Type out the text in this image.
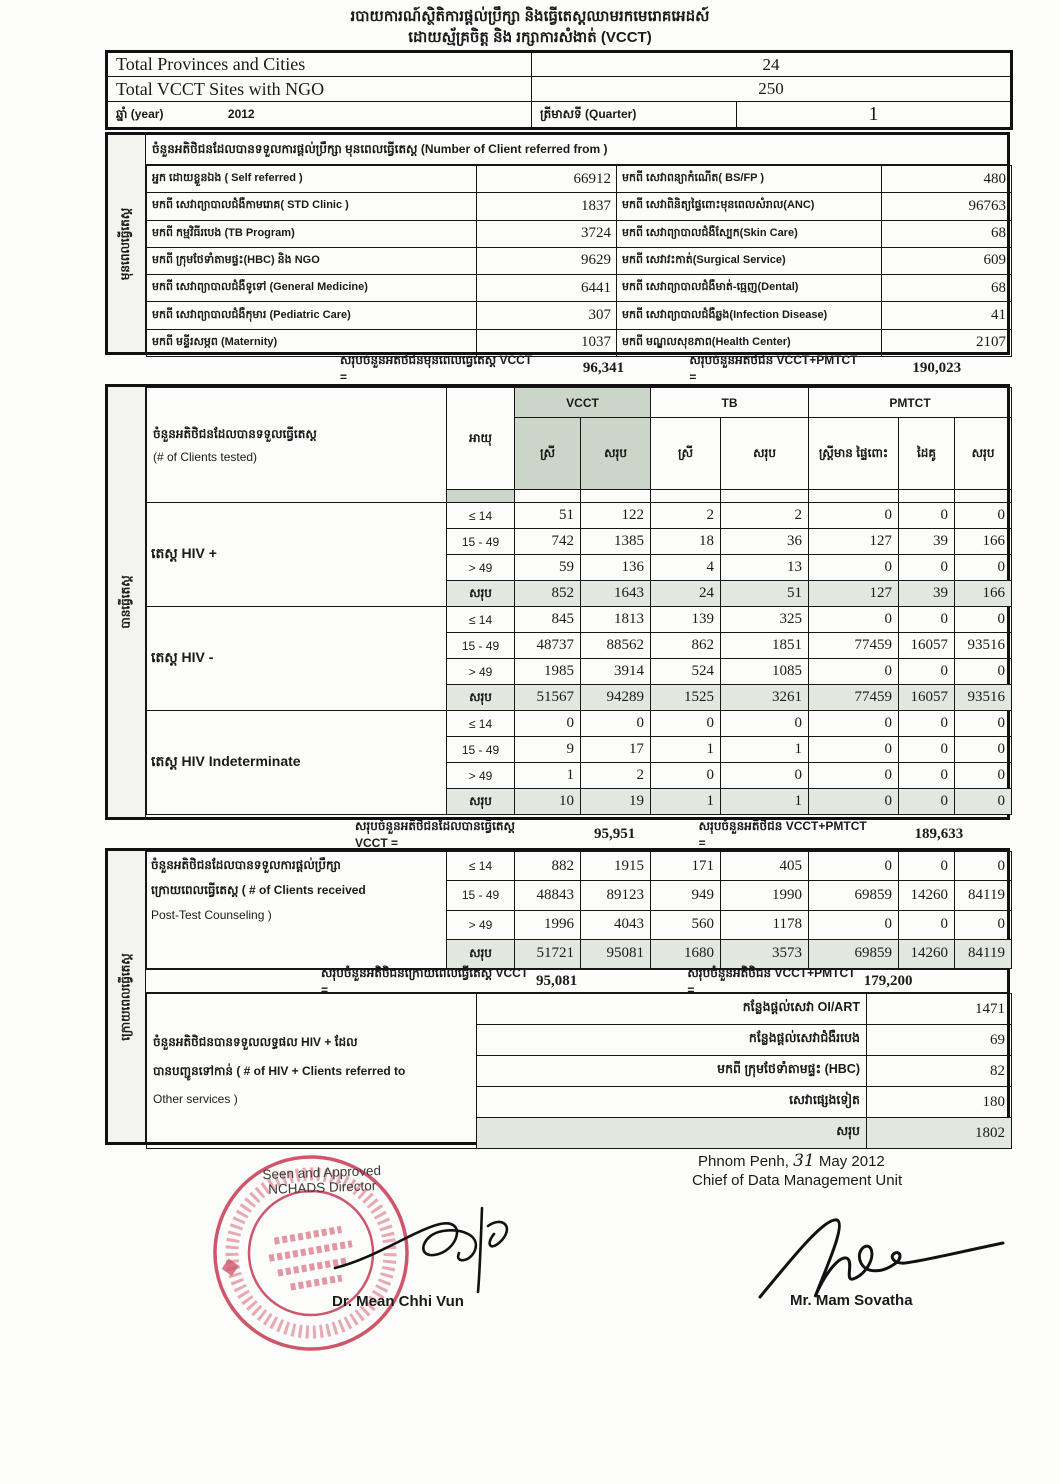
របាយការណ៍ស្ថិតិការផ្តល់ប្រឹក្សា និងធ្វើតេស្តឈាមរកមេរោគអេដស៍
ដោយស្ម័គ្រចិត្ត និង រក្សាការសំងាត់ (VCCT)
Total Provinces and Cities	24	
Total VCCT Sites with NGO	250	
ឆ្នាំ (year) 2012	ត្រីមាសទី (Quarter)	1
មុនពេលធ្វើតេស្ត
ចំនួនអតិថិជនដែលបានទទួលការផ្តល់ប្រឹក្សា មុនពេលធ្វើតេស្ត (Number of Client referred from )
អ្នក ដោយខ្លួនឯង ( Self referred )	66912	មកពី សេវាពន្យាកំណើត( BS/FP )	480
មកពី សេវាព្យាបាលជំងឺកាមរោគ( STD Clinic )	1837	មកពី សេវាពិនិត្យផ្ទៃពោះមុនពេលសំរាល(ANC)	96763
មកពី កម្មវិធីរបេង (TB Program)	3724	មកពី សេវាព្យាបាលជំងឺស្បែក(Skin Care)	68
មកពី ក្រុមថែទាំតាមផ្ទះ(HBC) និង NGO	9629	មកពី សេវាវះកាត់(Surgical Service)	609
មកពី សេវាព្យាបាលជំងឺទូទៅ (General Medicine)	6441	មកពី សេវាព្យាបាលជំងឺមាត់-ធ្មេញ(Dental)	68
មកពី សេវាព្យាបាលជំងឺកុមារ (Pediatric Care)	307	មកពី សេវាព្យាបាលជំងឺឆ្លង(Infection Disease)	41
មកពី មន្ទីរសម្ភព (Maternity)	1037	មកពី មណ្ឌលសុខភាព(Health Center)	2107
សរុបចំនួនអតិថិជនមុនពេលធ្វើតេស្ត VCCT =
96,341	សរុបចំនួនអតិថិជន VCCT+PMTCT =
190,023
បានធ្វើតេស្ត
ចំនួនអតិថិជនដែលបានទទួលធ្វើតេស្ត
(# of Clients tested)	អាយុ	VCCT		TB		PMTCT		
		ស្រី	សរុប	ស្រី	សរុប	ស្ត្រីមាន ផ្ទៃពោះ	ដៃគូ	សរុប

តេស្ត HIV +	≤ 14	51	122	2	2	0	0	0
	15 - 49	742	1385	18	36	127	39	166
	> 49	59	136	4	13	0	0	0
	សរុប	852	1643	24	51	127	39	166
តេស្ត HIV -	≤ 14	845	1813	139	325	0	0	0
	15 - 49	48737	88562	862	1851	77459	16057	93516
	> 49	1985	3914	524	1085	0	0	0
	សរុប	51567	94289	1525	3261	77459	16057	93516
តេស្ត HIV Indeterminate	≤ 14	0	0	0	0	0	0	0
	15 - 49	9	17	1	1	0	0	0
	> 49	1	2	0	0	0	0	0
	សរុប	10	19	1	1	0	0	0
សរុបចំនួនអតិថិជនដែលបានធ្វើតេស្ត VCCT =
95,951	សរុបចំនួនអតិថិជន VCCT+PMTCT =
189,633
ក្រោយពេលធ្វើតេស្ត
ចំនួនអតិថិជនដែលបានទទួលការផ្តល់ប្រឹក្សា
ក្រោយពេលធ្វើតេស្ត ( # of Clients received
Post-Test Counseling )	≤ 14	882	1915	171	405	0	0	0
	15 - 49	48843	89123	949	1990	69859	14260	84119
	> 49	1996	4043	560	1178	0	0	0
	សរុប	51721	95081	1680	3573	69859	14260	84119
សរុបចំនួនអតិថិជនក្រោយពេលធ្វើតេស្ត VCCT =
95,081	សរុបចំនួនអតិថិជន VCCT+PMTCT =
179,200
ចំនួនអតិថិជនបានទទួលលទ្ធផល HIV + ដែល
បានបញ្ជូនទៅកាន់ ( # of HIV + Clients referred to
Other services )	កន្លែងផ្តល់សេវា OI/ART	1471
	កន្លែងផ្តល់សេវាជំងឺរបេង	69
	មកពី ក្រុមថែទាំតាមផ្ទះ (HBC)	82
	សេវាផ្សេងទៀត	180
	សរុប	1802
Seen and Approved
NCHADS Director
Dr. Mean Chhi Vun
Phnom Penh, 31 May 2012
Chief of Data Management Unit
Mr. Mam Sovatha
